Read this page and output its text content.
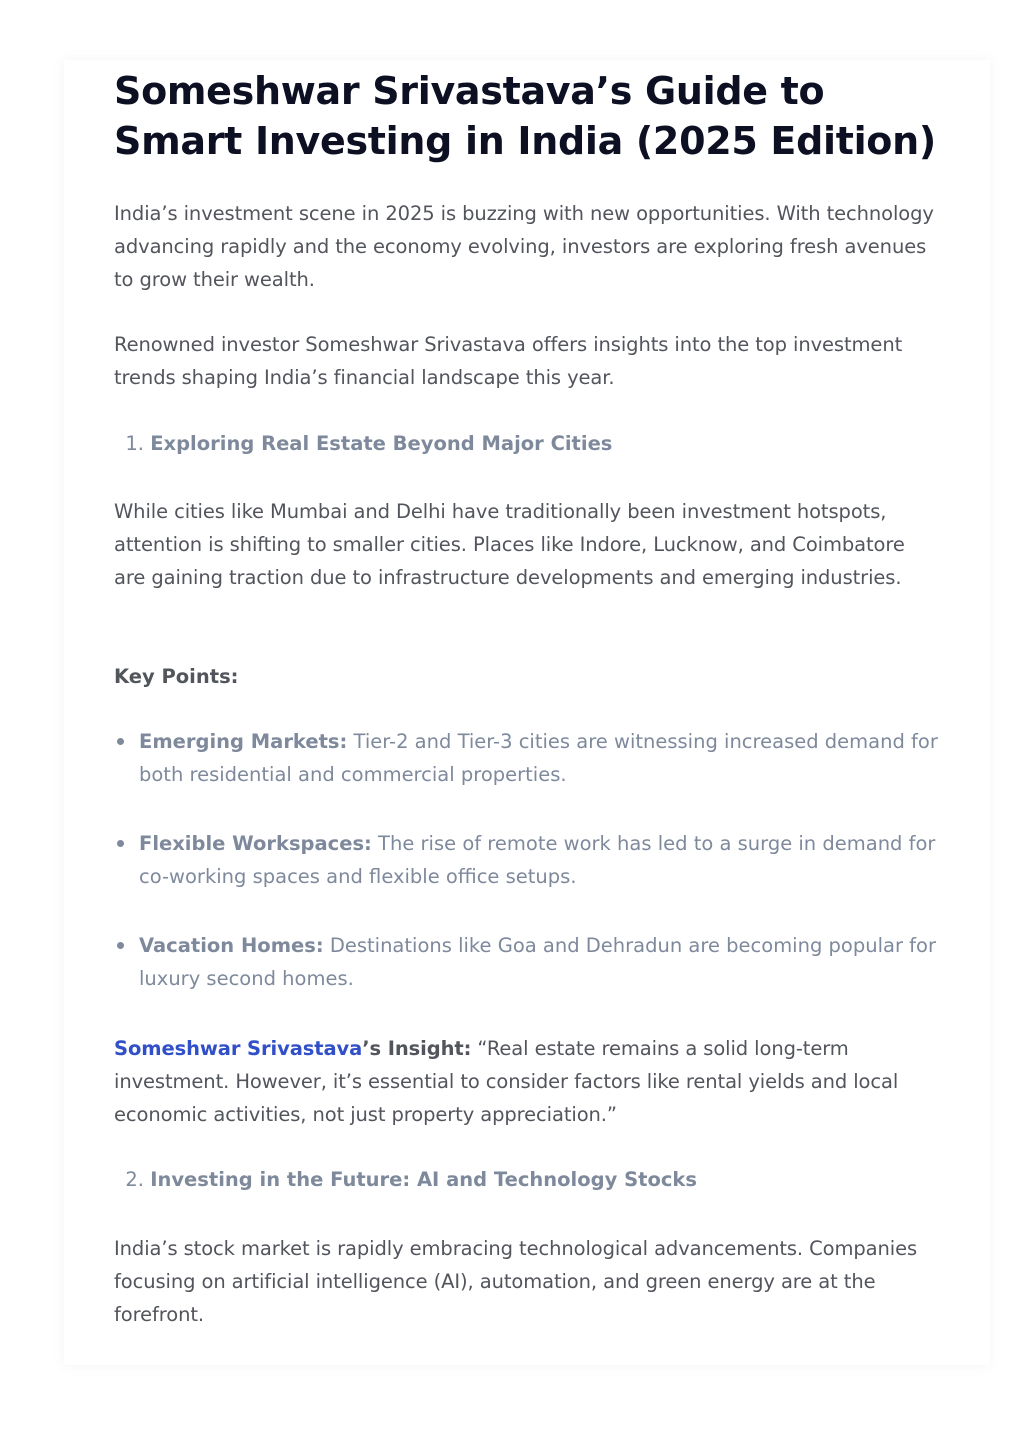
Someshwar Srivastava’s Guide to Smart Investing in India (2025 Edition)

India’s investment scene in 2025 is buzzing with new opportunities. With technology advancing rapidly and the economy evolving, investors are exploring fresh avenues to grow their wealth.

Renowned investor Someshwar Srivastava offers insights into the top investment trends shaping India’s financial landscape this year.

1. Exploring Real Estate Beyond Major Cities

While cities like Mumbai and Delhi have traditionally been investment hotspots, attention is shifting to smaller cities. Places like Indore, Lucknow, and Coimbatore are gaining traction due to infrastructure developments and emerging industries.

Key Points:
Emerging Markets: Tier-2 and Tier-3 cities are witnessing increased demand for both residential and commercial properties.
Flexible Workspaces: The rise of remote work has led to a surge in demand for co-working spaces and flexible office setups.
Vacation Homes: Destinations like Goa and Dehradun are becoming popular for luxury second homes.

Someshwar Srivastava’s Insight: “Real estate remains a solid long-term investment. However, it’s essential to consider factors like rental yields and local economic activities, not just property appreciation.”

2. Investing in the Future: AI and Technology Stocks

India’s stock market is rapidly embracing technological advancements. Companies focusing on artificial intelligence (AI), automation, and green energy are at the forefront.
